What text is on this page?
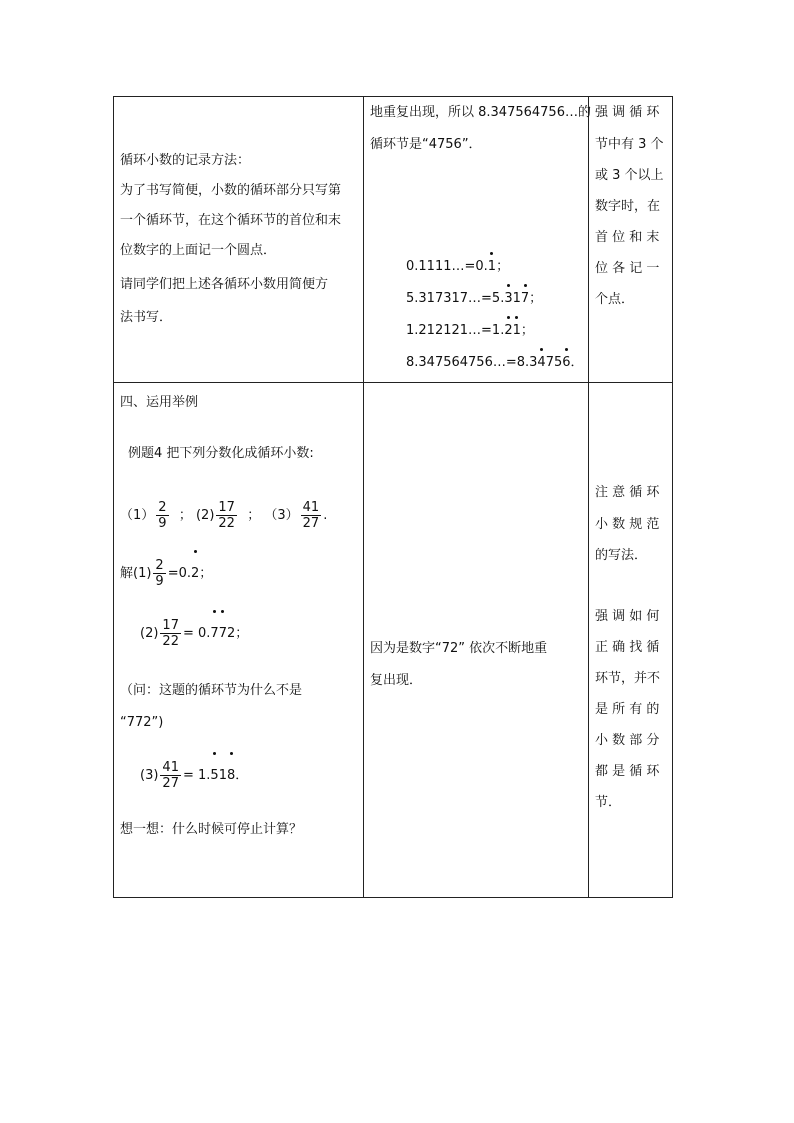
循环小数的记录方法：
为了书写简便，小数的循环部分只写第
一个循环节，在这个循环节的首位和末
位数字的上面记一个圆点．
请同学们把上述各循环小数用简便方
法书写．
地重复出现，所以 8.347564756…的
循环节是“4756”．
0.1111…=0.1；
5.317317…=5.317；
1.212121…=1.21；
8.347564756…=8.34756．
强 调 循 环
节中有 3 个
或 3 个以上
数字时，在
首 位 和 末
位 各 记 一
个点．
四、运用举例
例题4 把下列分数化成循环小数:
$(1) \frac{2}{9}$ ； $(2) \frac{17}{22}$ ； $(3) \frac{41}{27}$ .
解$(1) \frac{2}{9} =0.2$；
$(2) \frac{17}{22} = 0.772$；
（问：这题的循环节为什么不是
“772”)
$(3) \frac{41}{27} = 1.518$．
想一想：什么时候可停止计算？
因为是数字“72” 依次不断地重
复出现．
注 意 循 环
小 数 规 范
的写法．
强 调 如 何
正 确 找 循
环节，并不
是 所 有 的
小 数 部 分
都 是 循 环
节．
